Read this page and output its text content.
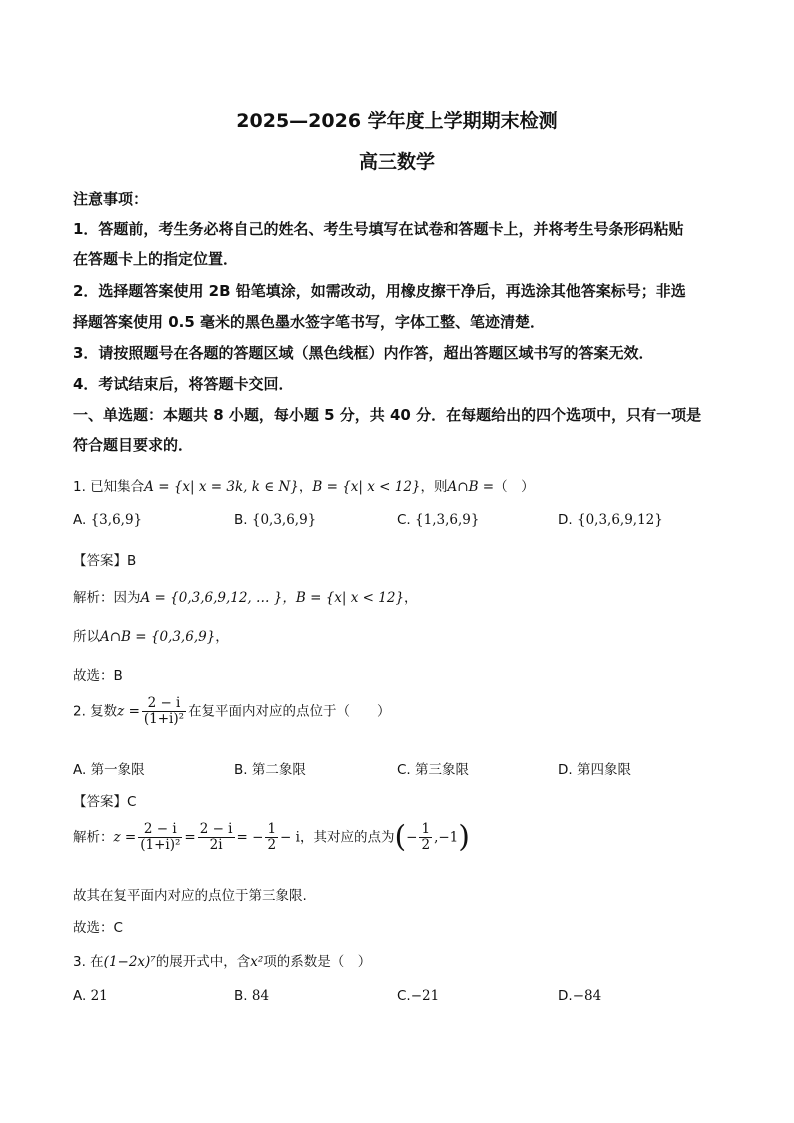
2025—2026 学年度上学期期末检测
高三数学
注意事项：
1．答题前，考生务必将自己的姓名、考生号填写在试卷和答题卡上，并将考生号条形码粘贴
在答题卡上的指定位置．
2．选择题答案使用 2B 铅笔填涂，如需改动，用橡皮擦干净后，再选涂其他答案标号；非选
择题答案使用 0.5 毫米的黑色墨水签字笔书写，字体工整、笔迹清楚．
3．请按照题号在各题的答题区域（黑色线框）内作答，超出答题区域书写的答案无效．
4．考试结束后，将答题卡交回．
一、单选题：本题共 8 小题，每小题 5 分，共 40 分．在每题给出的四个选项中，只有一项是
符合题目要求的．
1. 已知集合A = {x| x = 3k, k ∈ N}，B = {x| x < 12}，则A∩B =（　）
A. {3,6,9}	B. {0,3,6,9}	C. {1,3,6,9}	D. {0,3,6,9,12}
【答案】B
解析：因为A = {0,3,6,9,12, … }，B = {x| x < 12}，
所以A∩B = {0,3,6,9}，
故选：B
2. 复数$z = \frac{2 - i}{\text{(1+i)²}}$ 在复平面内对应的点位于（　　）
A. 第一象限	B. 第二象限	C. 第三象限	D. 第四象限
【答案】C
解析：$z = \frac{2 - i}{\text{(1+i)²}} = \frac{2 - i}{2i}$ = − $\frac{1}{2} - i$，其对应的点为(− $\frac{1}{2} ,-1$)
故其在复平面内对应的点位于第三象限.
故选：C
3. 在(1−2x)⁷的展开式中，含x²项的系数是（　）
A. 21	B. 84	C.−21	D.−84
